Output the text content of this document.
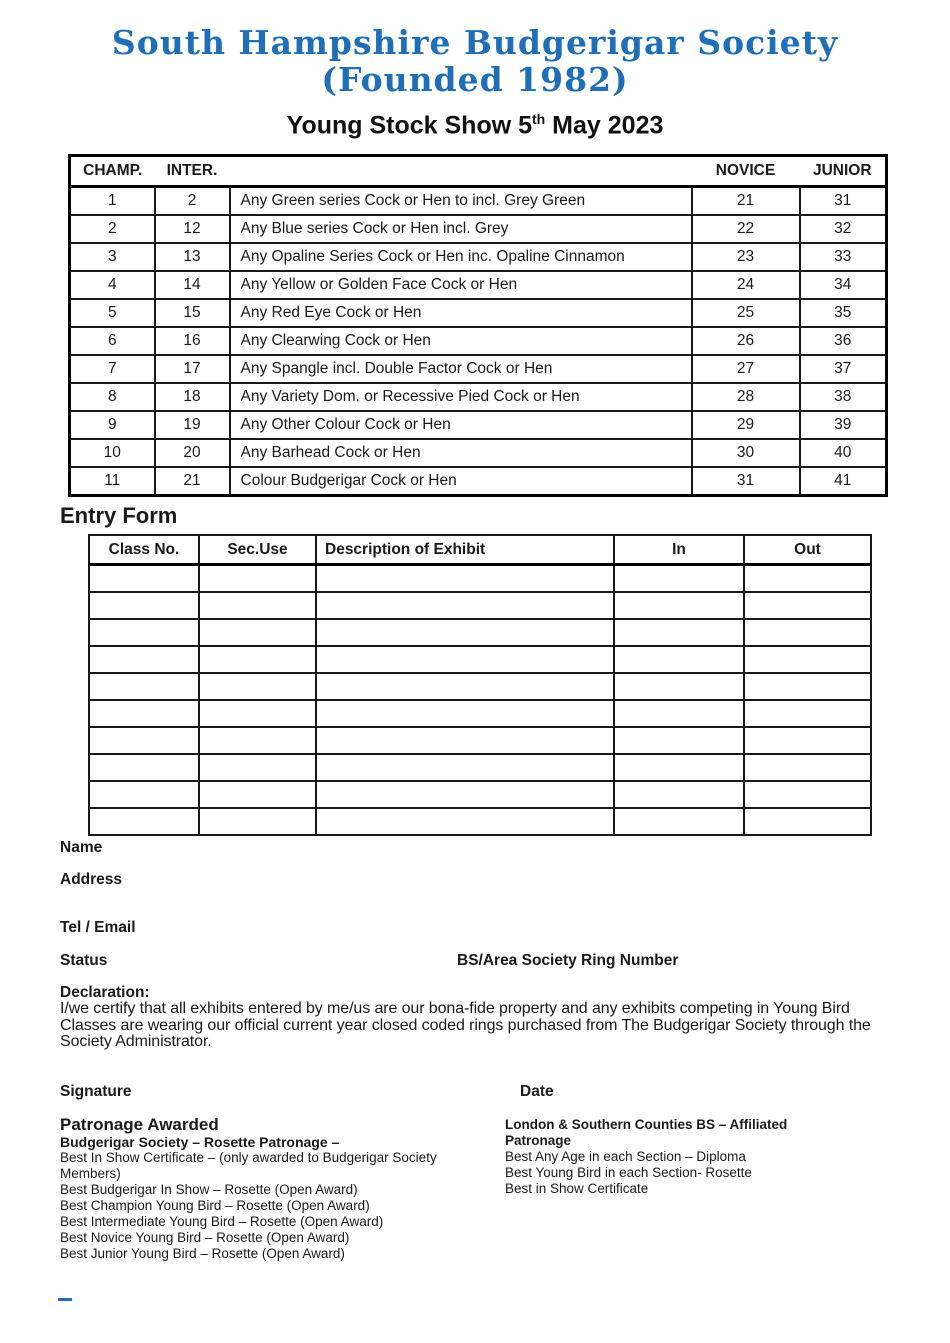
South Hampshire Budgerigar Society
(Founded 1982)
Young Stock Show 5th May 2023
CHAMP.	INTER.		NOVICE	JUNIOR
1	2	Any Green series Cock or Hen to incl. Grey Green	21	31
2	12	Any Blue series Cock or Hen incl. Grey	22	32
3	13	Any Opaline Series Cock or Hen inc. Opaline Cinnamon	23	33
4	14	Any Yellow or Golden Face Cock or Hen	24	34
5	15	Any Red Eye Cock or Hen	25	35
6	16	Any Clearwing Cock or Hen	26	36
7	17	Any Spangle incl. Double Factor Cock or Hen	27	37
8	18	Any Variety Dom. or Recessive Pied Cock or Hen	28	38
9	19	Any Other Colour Cock or Hen	29	39
10	20	Any Barhead Cock or Hen	30	40
11	21	Colour Budgerigar Cock or Hen	31	41
Entry Form
Class No.	Sec.Use	Description of Exhibit	In	Out

Name
Address
Tel / Email
Status	BS/Area Society Ring Number
Declaration:
I/we certify that all exhibits entered by me/us are our bona-fide property and any exhibits competing in Young Bird Classes are wearing our official current year closed coded rings purchased from The Budgerigar Society through the Society Administrator.
Signature	Date
Patronage Awarded
Budgerigar Society – Rosette Patronage –
Best In Show Certificate – (only awarded to Budgerigar Society Members)
Best Budgerigar In Show – Rosette (Open Award)
Best Champion Young Bird – Rosette (Open Award)
Best Intermediate Young Bird – Rosette (Open Award)
Best Novice Young Bird – Rosette (Open Award)
Best Junior Young Bird – Rosette (Open Award)
London & Southern Counties BS – Affiliated Patronage
Best Any Age in each Section – Diploma
Best Young Bird in each Section- Rosette
Best in Show Certificate
